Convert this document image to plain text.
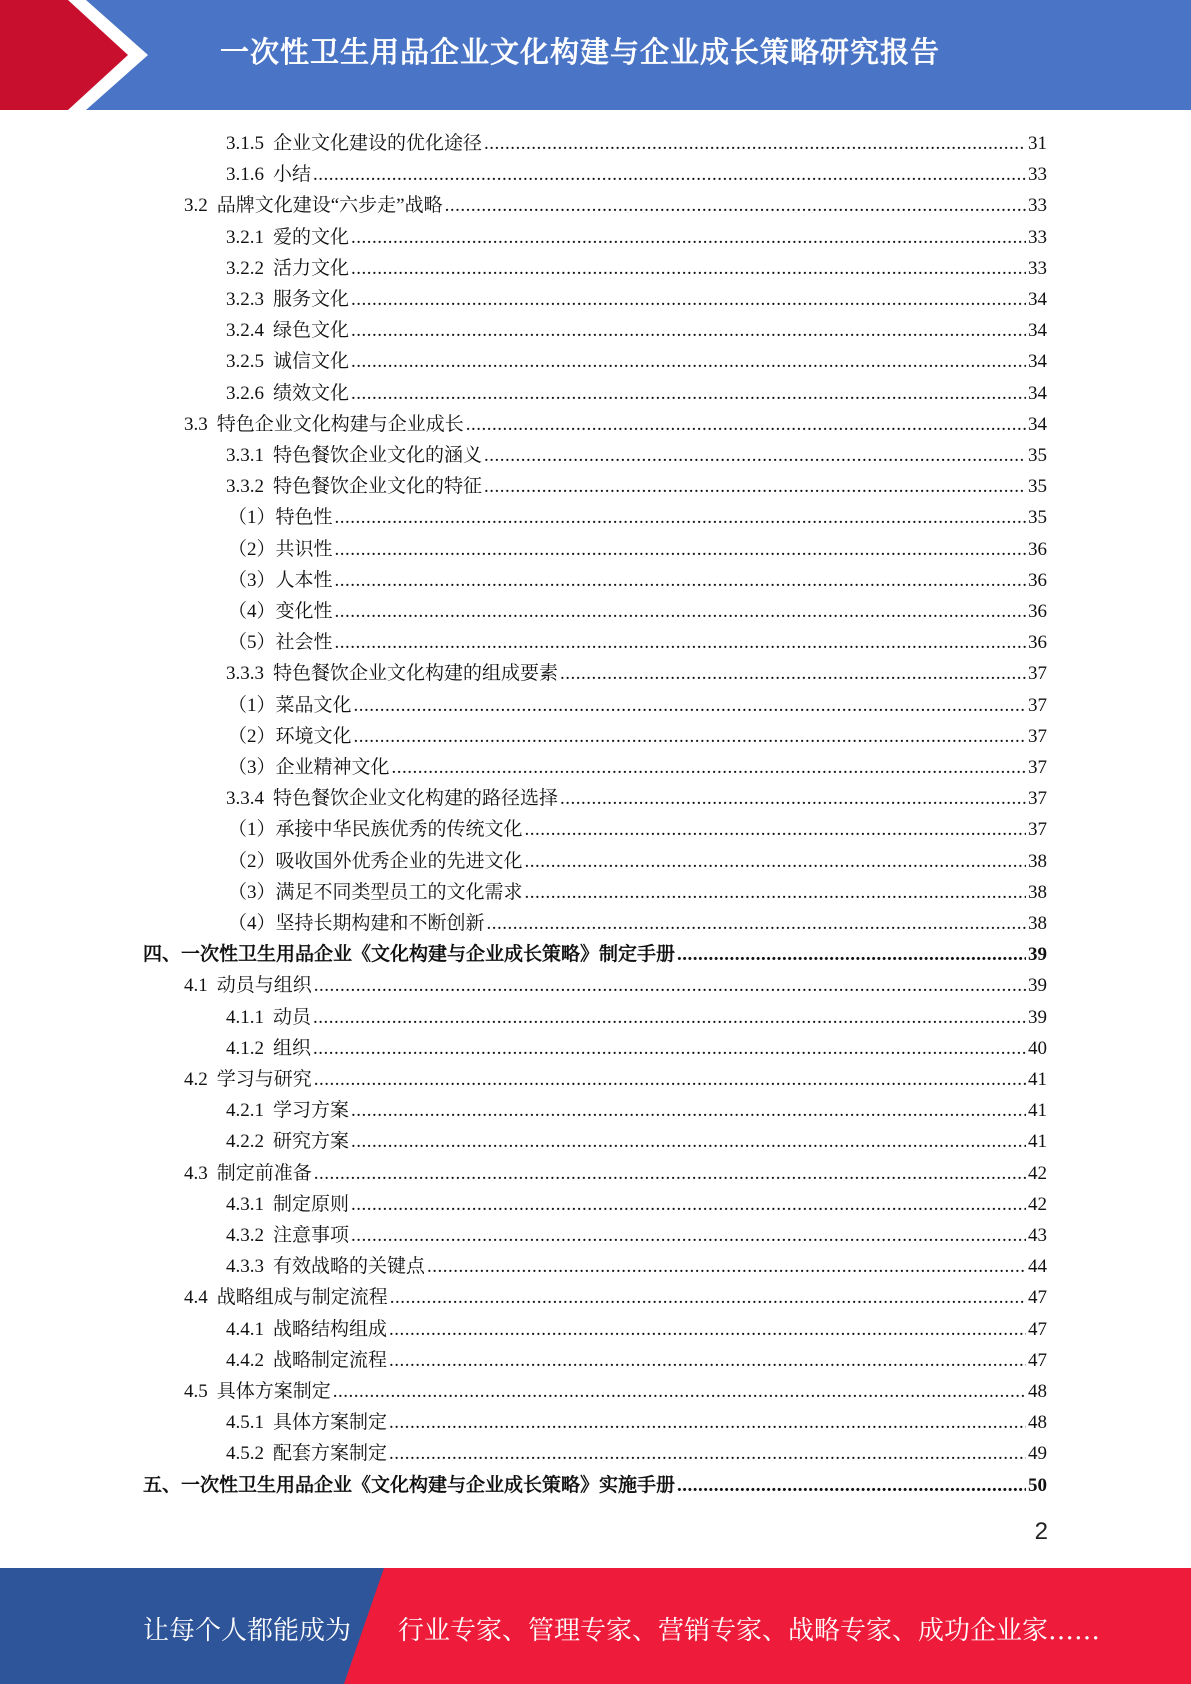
一次性卫生用品企业文化构建与企业成长策略研究报告
3.1.5 企业文化建设的优化途径 .....	31
3.1.6 小结 .....	33
3.2 品牌文化建设“六步走”战略 .....	33
3.2.1 爱的文化 .....	33
3.2.2 活力文化 .....	33
3.2.3 服务文化 .....	34
3.2.4 绿色文化 .....	34
3.2.5 诚信文化 .....	34
3.2.6 绩效文化 .....	34
3.3 特色企业文化构建与企业成长 .....	34
3.3.1 特色餐饮企业文化的涵义 .....	35
3.3.2 特色餐饮企业文化的特征 .....	35
（1）特色性 .....	35
（2）共识性 .....	36
（3）人本性 .....	36
（4）变化性 .....	36
（5）社会性 .....	36
3.3.3 特色餐饮企业文化构建的组成要素 .....	37
（1）菜品文化 .....	37
（2）环境文化 .....	37
（3）企业精神文化 .....	37
3.3.4 特色餐饮企业文化构建的路径选择 .....	37
（1）承接中华民族优秀的传统文化 .....	37
（2）吸收国外优秀企业的先进文化 .....	38
（3）满足不同类型员工的文化需求 .....	38
（4）坚持长期构建和不断创新 .....	38
四、一次性卫生用品企业《文化构建与企业成长策略》制定手册 .....	39
4.1 动员与组织 .....	39
4.1.1 动员 .....	39
4.1.2 组织 .....	40
4.2 学习与研究 .....	41
4.2.1 学习方案 .....	41
4.2.2 研究方案 .....	41
4.3 制定前准备 .....	42
4.3.1 制定原则 .....	42
4.3.2 注意事项 .....	43
4.3.3 有效战略的关键点 .....	44
4.4 战略组成与制定流程 .....	47
4.4.1 战略结构组成 .....	47
4.4.2 战略制定流程 .....	47
4.5 具体方案制定 .....	48
4.5.1 具体方案制定 .....	48
4.5.2 配套方案制定 .....	49
五、一次性卫生用品企业《文化构建与企业成长策略》实施手册 .....	50
2
让每个人都能成为 行业专家、管理专家、营销专家、战略专家、成功企业家……
